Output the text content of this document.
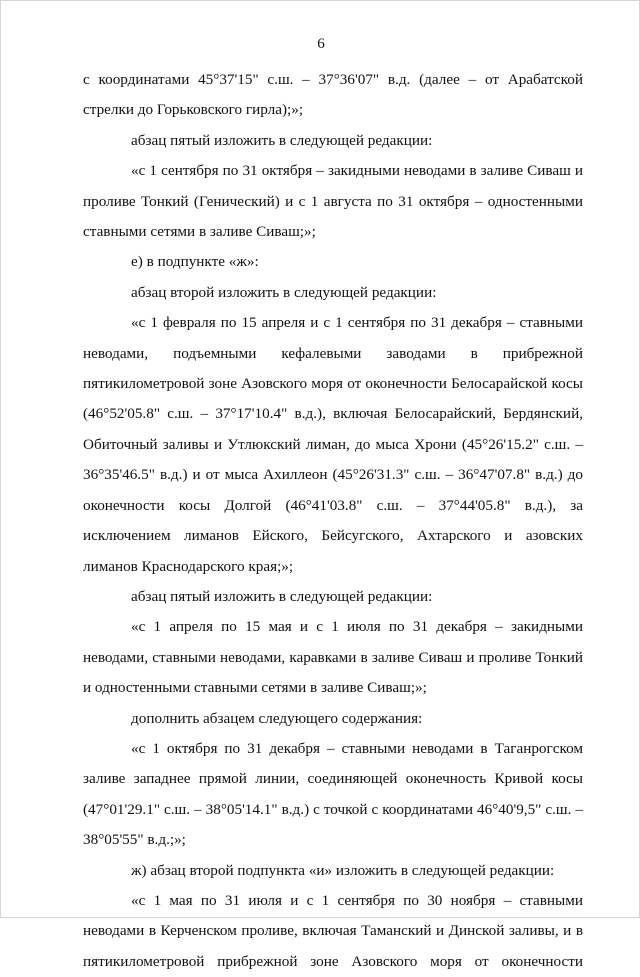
6

с координатами 45°37'15" с.ш. – 37°36'07" в.д. (далее – от Арабатской стрелки до Горьковского гирла);»;

абзац пятый изложить в следующей редакции:

«с 1 сентября по 31 октября – закидными неводами в заливе Сиваш и проливе Тонкий (Генический) и с 1 августа по 31 октября – одностенными ставными сетями в заливе Сиваш;»;

е) в подпункте «ж»:

абзац второй изложить в следующей редакции:

«с 1 февраля по 15 апреля и с 1 сентября по 31 декабря – ставными неводами, подъемными кефалевыми заводами в прибрежной пятикилометровой зоне Азовского моря от оконечности Белосарайской косы (46°52'05.8" с.ш. – 37°17'10.4" в.д.), включая Белосарайский, Бердянский, Обиточный заливы и Утлюкский лиман, до мыса Хрони (45°26'15.2" с.ш. – 36°35'46.5" в.д.) и от мыса Ахиллеон (45°26'31.3" с.ш. – 36°47'07.8" в.д.) до оконечности косы Долгой (46°41'03.8" с.ш. – 37°44'05.8" в.д.), за исключением лиманов Ейского, Бейсугского, Ахтарского и азовских лиманов Краснодарского края;»;

абзац пятый изложить в следующей редакции:

«с 1 апреля по 15 мая и с 1 июля по 31 декабря – закидными неводами, ставными неводами, каравками в заливе Сиваш и проливе Тонкий и одностенными ставными сетями в заливе Сиваш;»;

дополнить абзацем следующего содержания:

«с 1 октября по 31 декабря – ставными неводами в Таганрогском заливе западнее прямой линии, соединяющей оконечность Кривой косы (47°01'29.1" с.ш. – 38°05'14.1" в.д.) с точкой с координатами 46°40'9,5" с.ш. – 38°05'55" в.д.;»;

ж) абзац второй подпункта «и» изложить в следующей редакции:

«с 1 мая по 31 июля и с 1 сентября по 30 ноября – ставными неводами в Керченском проливе, включая Таманский и Динской заливы, и в пятикилометровой прибрежной зоне Азовского моря от оконечности
